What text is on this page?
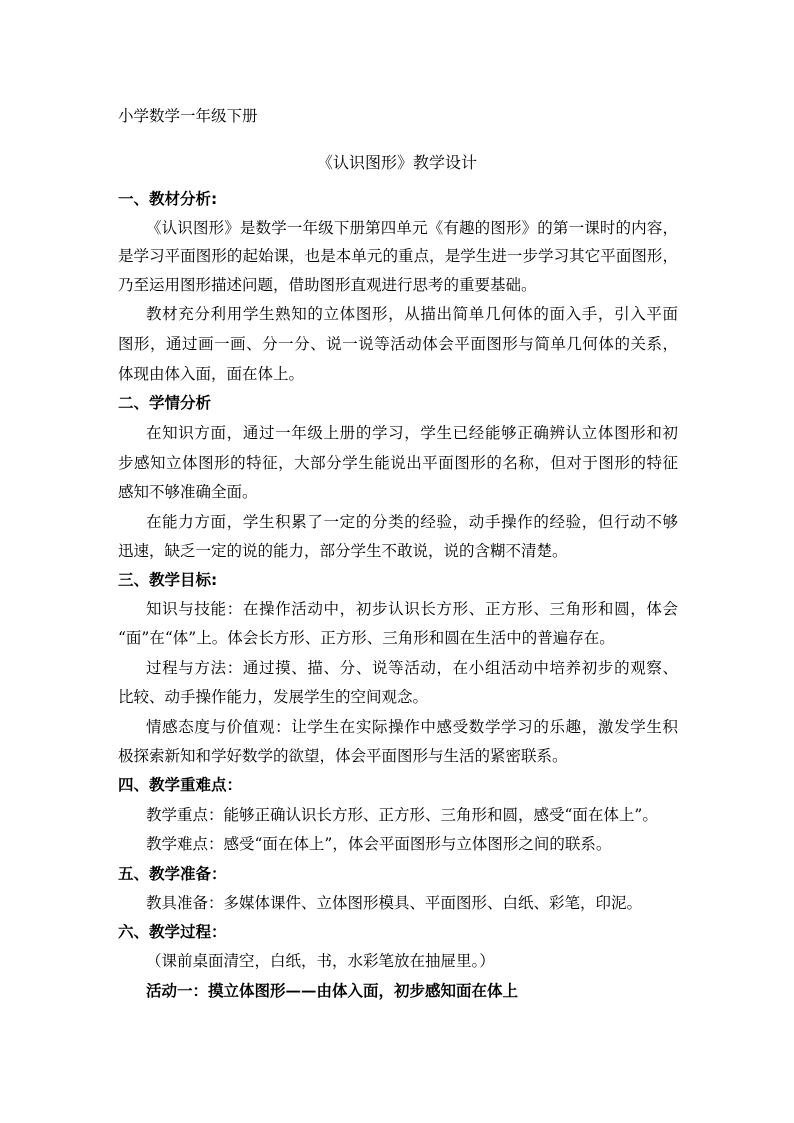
小学数学一年级下册
《认识图形》教学设计
一、教材分析:
《认识图形》是数学一年级下册第四单元《有趣的图形》的第一课时的内容，
是学习平面图形的起始课，也是本单元的重点，是学生进一步学习其它平面图形，
乃至运用图形描述问题，借助图形直观进行思考的重要基础。
教材充分利用学生熟知的立体图形，从描出简单几何体的面入手，引入平面
图形，通过画一画、分一分、说一说等活动体会平面图形与简单几何体的关系，
体现由体入面，面在体上。
二、学情分析
在知识方面，通过一年级上册的学习，学生已经能够正确辨认立体图形和初
步感知立体图形的特征，大部分学生能说出平面图形的名称，但对于图形的特征
感知不够准确全面。
在能力方面，学生积累了一定的分类的经验，动手操作的经验，但行动不够
迅速，缺乏一定的说的能力，部分学生不敢说，说的含糊不清楚。
三、教学目标:
知识与技能：在操作活动中，初步认识长方形、正方形、三角形和圆，体会
“面”在“体”上。体会长方形、正方形、三角形和圆在生活中的普遍存在。
过程与方法：通过摸、描、分、说等活动，在小组活动中培养初步的观察、
比较、动手操作能力，发展学生的空间观念。
情感态度与价值观：让学生在实际操作中感受数学学习的乐趣，激发学生积
极探索新知和学好数学的欲望，体会平面图形与生活的紧密联系。
四、教学重难点：
教学重点：能够正确认识长方形、正方形、三角形和圆，感受“面在体上”。
教学难点：感受“面在体上”，体会平面图形与立体图形之间的联系。
五、教学准备：
教具准备：多媒体课件、立体图形模具、平面图形、白纸、彩笔，印泥。
六、教学过程：
（课前桌面清空，白纸，书，水彩笔放在抽屉里。）
活动一：摸立体图形——由体入面，初步感知面在体上
